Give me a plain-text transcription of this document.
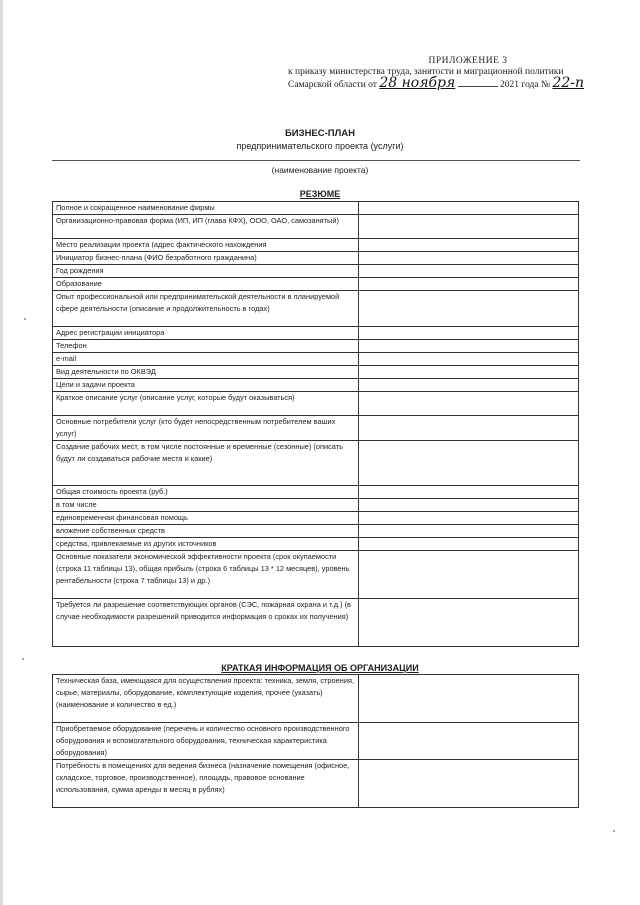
ПРИЛОЖЕНИЕ 3
к приказу министерства труда, занятости и миграционной политики
Самарской области от 28 ноября	2021 года № 22-п
БИЗНЕС-ПЛАН
предпринимательского проекта (услуги)
(наименование проекта)
РЕЗЮМЕ
Полное и сокращенное наименование фирмы	
Организационно-правовая форма (ИП, ИП (глава КФХ), ООО, ОАО, самозанятый)	
Место реализации проекта (адрес фактического нахождения	
Инициатор бизнес-плана (ФИО безработного гражданина)	
Год рождения	
Образование	
Опыт профессиональной или предпринимательской деятельности в планируемой сфере деятельности (описание и продолжительность в годах)	
Адрес регистрации инициатора	
Телефон	
e-mail	
Вид деятельности по ОКВЭД	
Цели и задачи проекта	
Краткое описание услуг (описание услуг, которые будут оказываться)	
Основные потребители услуг (кто будет непосредственным потребителем ваших услуг)	
Создание рабочих мест, в том числе постоянные и временные (сезонные) (описать будут ли создаваться рабочие места и какие)	
Общая стоимость проекта (руб.)	
в том числе	
единовременная финансовая помощь	
вложение собственных средств	
средства, привлекаемые из других источников	
Основные показатели экономической эффективности проекта (срок окупаемости (строка 11 таблицы 13), общая прибыль (строка 6 таблицы 13 * 12 месяцев), уровень рентабельности (строка 7 таблицы 13) и др.)	
Требуется ли разрешение соответствующих органов (СЭС, пожарная охрана и т.д.) (в случае необходимости разрешений приводится информация о сроках их получения)	
КРАТКАЯ ИНФОРМАЦИЯ ОБ ОРГАНИЗАЦИИ
Техническая база, имеющаяся для осуществления проекта: техника, земля, строения, сырье, материалы, оборудование, комплектующие изделия, прочее (указать) (наименование и количество в ед.)	
Приобретаемое оборудование (перечень и количество основного производственного оборудования и вспомогательного оборудования, техническая характеристика оборудования)	
Потребность в помещениях для ведения бизнеса (назначение помещения (офисное, складское, торговое, производственное), площадь, правовое основание использования, сумма аренды в месяц в рублях)	
